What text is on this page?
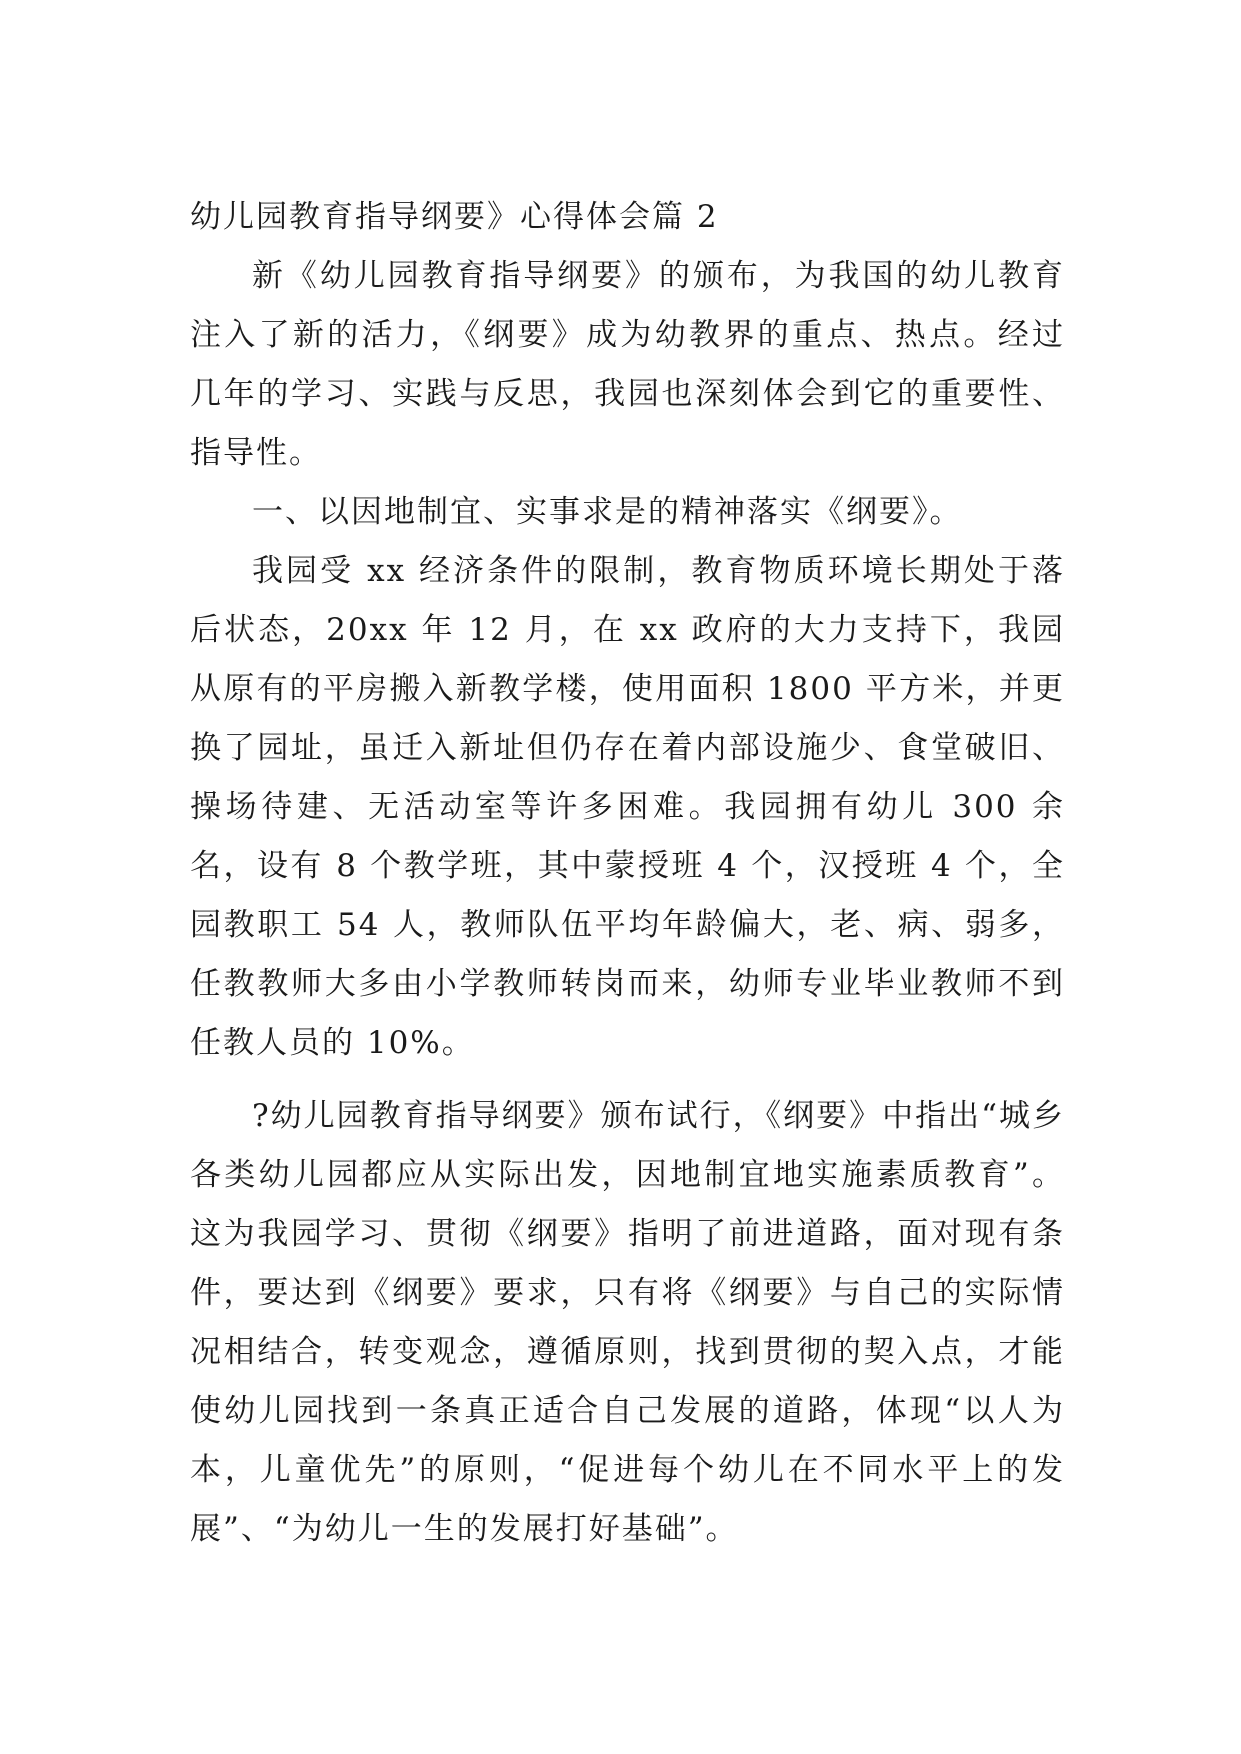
幼儿园教育指导纲要》心得体会篇 2

新《幼儿园教育指导纲要》的颁布，为我国的幼儿教育注入了新的活力，《纲要》成为幼教界的重点、热点。经过几年的学习、实践与反思，我园也深刻体会到它的重要性、指导性。

一、以因地制宜、实事求是的精神落实《纲要》。

我园受 xx 经济条件的限制，教育物质环境长期处于落后状态，20xx 年 12 月，在 xx 政府的大力支持下，我园从原有的平房搬入新教学楼，使用面积 1800 平方米，并更换了园址，虽迁入新址但仍存在着内部设施少、食堂破旧、操场待建、无活动室等许多困难。我园拥有幼儿 300 余名，设有 8 个教学班，其中蒙授班 4 个，汉授班 4 个，全园教职工 54 人，教师队伍平均年龄偏大，老、病、弱多，任教教师大多由小学教师转岗而来，幼师专业毕业教师不到任教人员的 10%。

?幼儿园教育指导纲要》颁布试行，《纲要》中指出“城乡各类幼儿园都应从实际出发，因地制宜地实施素质教育”。这为我园学习、贯彻《纲要》指明了前进道路，面对现有条件，要达到《纲要》要求，只有将《纲要》与自己的实际情况相结合，转变观念，遵循原则，找到贯彻的契入点，才能使幼儿园找到一条真正适合自己发展的道路，体现“以人为本，儿童优先”的原则，“促进每个幼儿在不同水平上的发展”、“为幼儿一生的发展打好基础”。
